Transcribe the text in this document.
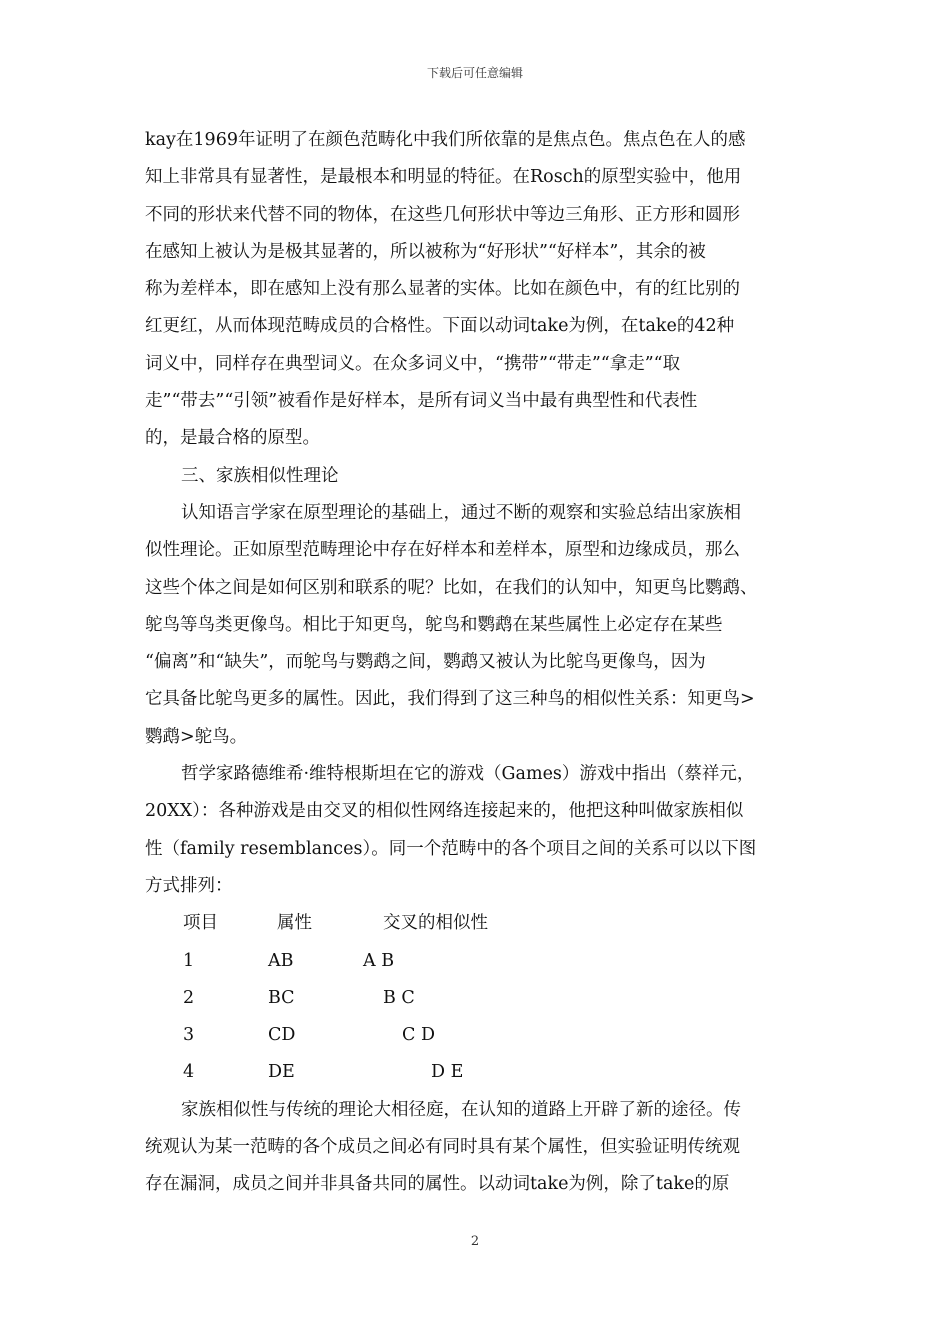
下载后可任意编辑
kay在1969年证明了在颜色范畴化中我们所依靠的是焦点色。焦点色在人的感
知上非常具有显著性，是最根本和明显的特征。在Rosch的原型实验中，他用
不同的形状来代替不同的物体，在这些几何形状中等边三角形、正方形和圆形
在感知上被认为是极其显著的，所以被称为“好形状”“好样本”，其余的被
称为差样本，即在感知上没有那么显著的实体。比如在颜色中，有的红比别的
红更红，从而体现范畴成员的合格性。下面以动词take为例，在take的42种
词义中，同样存在典型词义。在众多词义中，“携带”“带走”“拿走”“取
走”“带去”“引领”被看作是好样本，是所有词义当中最有典型性和代表性
的，是最合格的原型。
三、家族相似性理论
认知语言学家在原型理论的基础上，通过不断的观察和实验总结出家族相
似性理论。正如原型范畴理论中存在好样本和差样本，原型和边缘成员，那么
这些个体之间是如何区别和联系的呢？比如，在我们的认知中，知更鸟比鹦鹉、
鸵鸟等鸟类更像鸟。相比于知更鸟，鸵鸟和鹦鹉在某些属性上必定存在某些
“偏离”和“缺失”，而鸵鸟与鹦鹉之间，鹦鹉又被认为比鸵鸟更像鸟，因为
它具备比鸵鸟更多的属性。因此，我们得到了这三种鸟的相似性关系：知更鸟>
鹦鹉>鸵鸟。
哲学家路德维希·维特根斯坦在它的游戏（Games）游戏中指出（蔡祥元，
20XX）：各种游戏是由交叉的相似性网络连接起来的，他把这种叫做家族相似
性（family resemblances）。同一个范畴中的各个项目之间的关系可以以下图
方式排列：
项目	属性	交叉的相似性
1	AB	A B
2	BC	B C
3	CD	C D
4	DE	D E
家族相似性与传统的理论大相径庭，在认知的道路上开辟了新的途径。传
统观认为某一范畴的各个成员之间必有同时具有某个属性，但实验证明传统观
存在漏洞，成员之间并非具备共同的属性。以动词take为例，除了take的原
2
